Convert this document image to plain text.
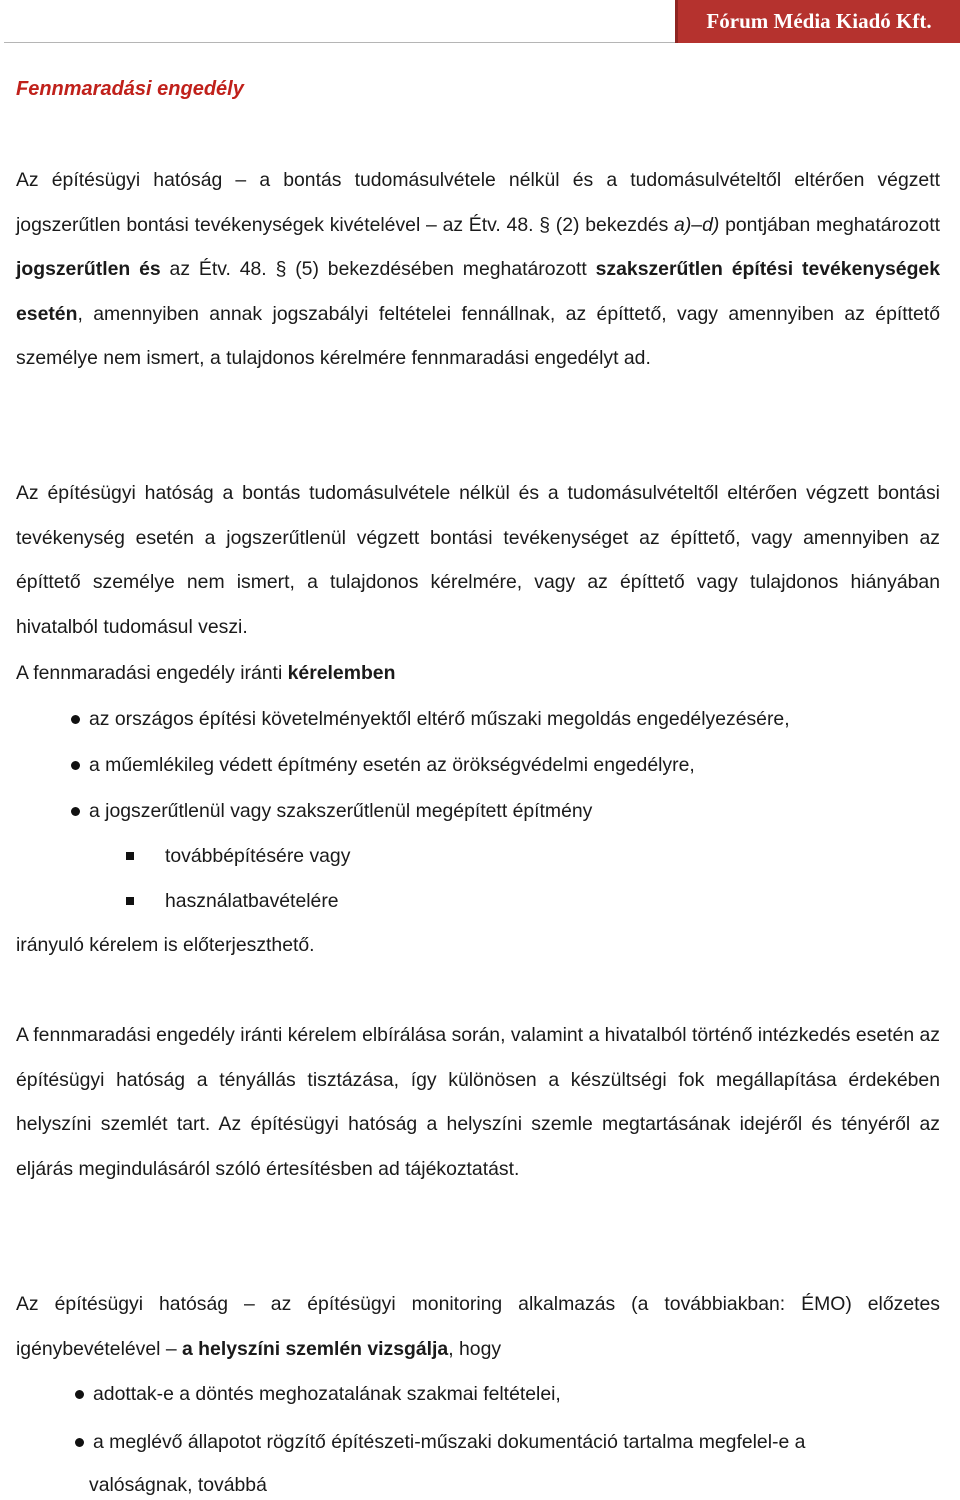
Fórum Média Kiadó Kft.
Fennmaradási engedély

Az építésügyi hatóság – a bontás tudomásulvétele nélkül és a tudomásulvételtől eltérően végzett jogszerűtlen bontási tevékenységek kivételével – az Étv. 48. § (2) bekezdés a)–d) pontjában meghatározott jogszerűtlen és az Étv. 48. § (5) bekezdésében meghatározott szakszerűtlen építési tevékenységek esetén, amennyiben annak jogszabályi feltételei fennállnak, az építtető, vagy amennyiben az építtető személye nem ismert, a tulajdonos kérelmére fennmaradási engedélyt ad.

Az építésügyi hatóság a bontás tudomásulvétele nélkül és a tudomásulvételtől eltérően végzett bontási tevékenység esetén a jogszerűtlenül végzett bontási tevékenységet az építtető, vagy amennyiben az építtető személye nem ismert, a tulajdonos kérelmére, vagy az építtető vagy tulajdonos hiányában hivatalból tudomásul veszi.

A fennmaradási engedély iránti kérelemben

az országos építési követelményektől eltérő műszaki megoldás engedélyezésére,
a műemlékileg védett építmény esetén az örökségvédelmi engedélyre,
a jogszerűtlenül vagy szakszerűtlenül megépített építmény
továbbépítésére vagy
használatbavételére

irányuló kérelem is előterjeszthető.

A fennmaradási engedély iránti kérelem elbírálása során, valamint a hivatalból történő intézkedés esetén az építésügyi hatóság a tényállás tisztázása, így különösen a készültségi fok megállapítása érdekében helyszíni szemlét tart. Az építésügyi hatóság a helyszíni szemle megtartásának idejéről és tényéről az eljárás megindulásáról szóló értesítésben ad tájékoztatást.

Az építésügyi hatóság – az építésügyi monitoring alkalmazás (a továbbiakban: ÉMO) előzetes igénybevételével – a helyszíni szemlén vizsgálja, hogy

adottak-e a döntés meghozatalának szakmai feltételei,
a meglévő állapotot rögzítő építészeti-műszaki dokumentáció tartalma megfelel-e a
valóságnak, továbbá
